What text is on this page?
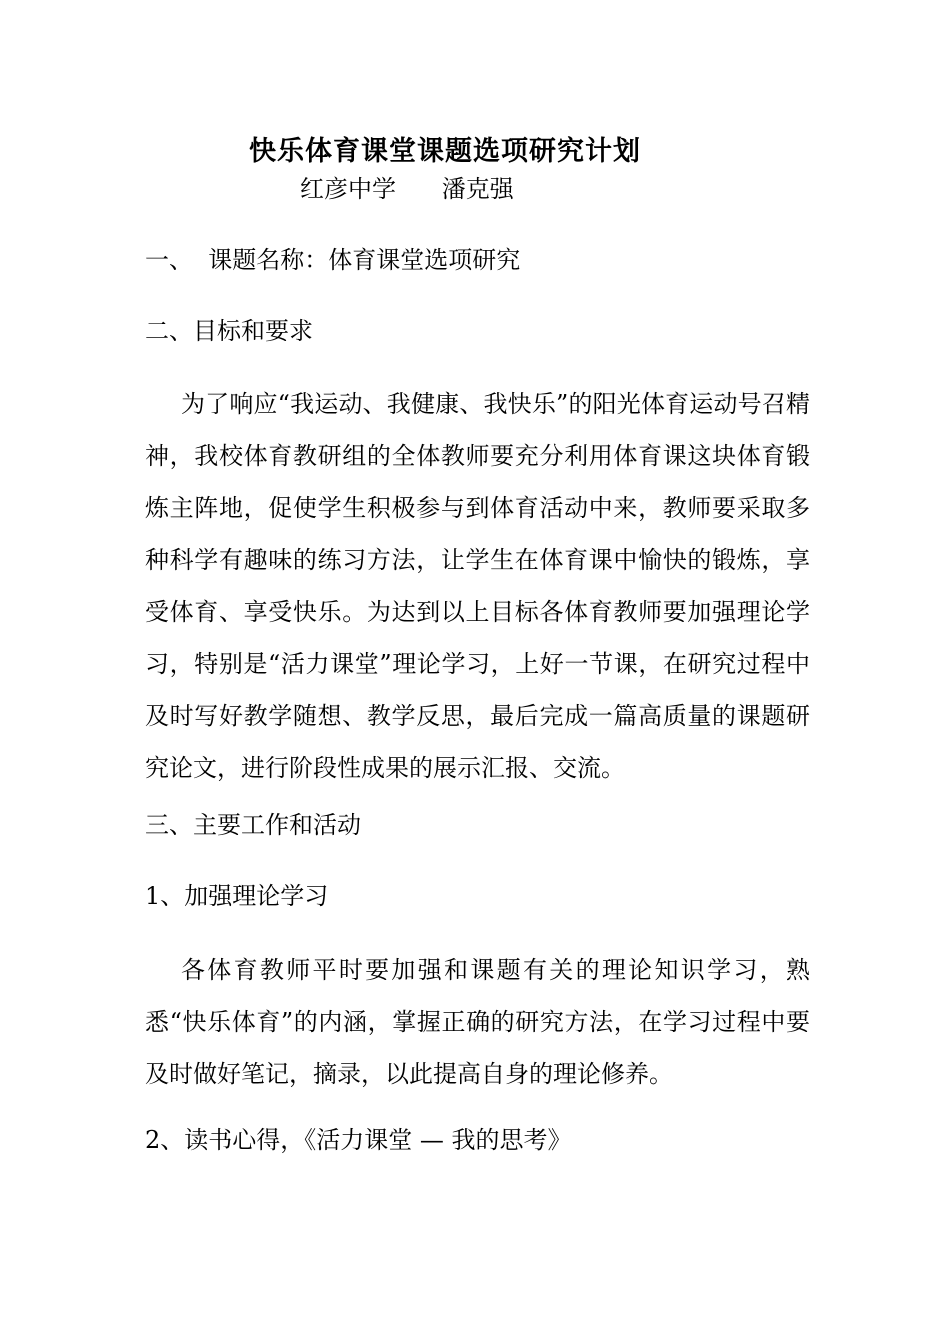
快乐体育课堂课题选项研究计划
红彦中学      潘克强
一、  课题名称：体育课堂选项研究
二、目标和要求
为了响应“我运动、我健康、我快乐”的阳光体育运动号召精神，我校体育教研组的全体教师要充分利用体育课这块体育锻炼主阵地，促使学生积极参与到体育活动中来，教师要采取多种科学有趣味的练习方法，让学生在体育课中愉快的锻炼，享受体育、享受快乐。为达到以上目标各体育教师要加强理论学习，特别是“活力课堂”理论学习，上好一节课，在研究过程中及时写好教学随想、教学反思，最后完成一篇高质量的课题研究论文，进行阶段性成果的展示汇报、交流。
三、主要工作和活动
1、加强理论学习
各体育教师平时要加强和课题有关的理论知识学习，熟悉“快乐体育”的内涵，掌握正确的研究方法，在学习过程中要及时做好笔记，摘录，以此提高自身的理论修养。
2、读书心得，《活力课堂 — 我的思考》
